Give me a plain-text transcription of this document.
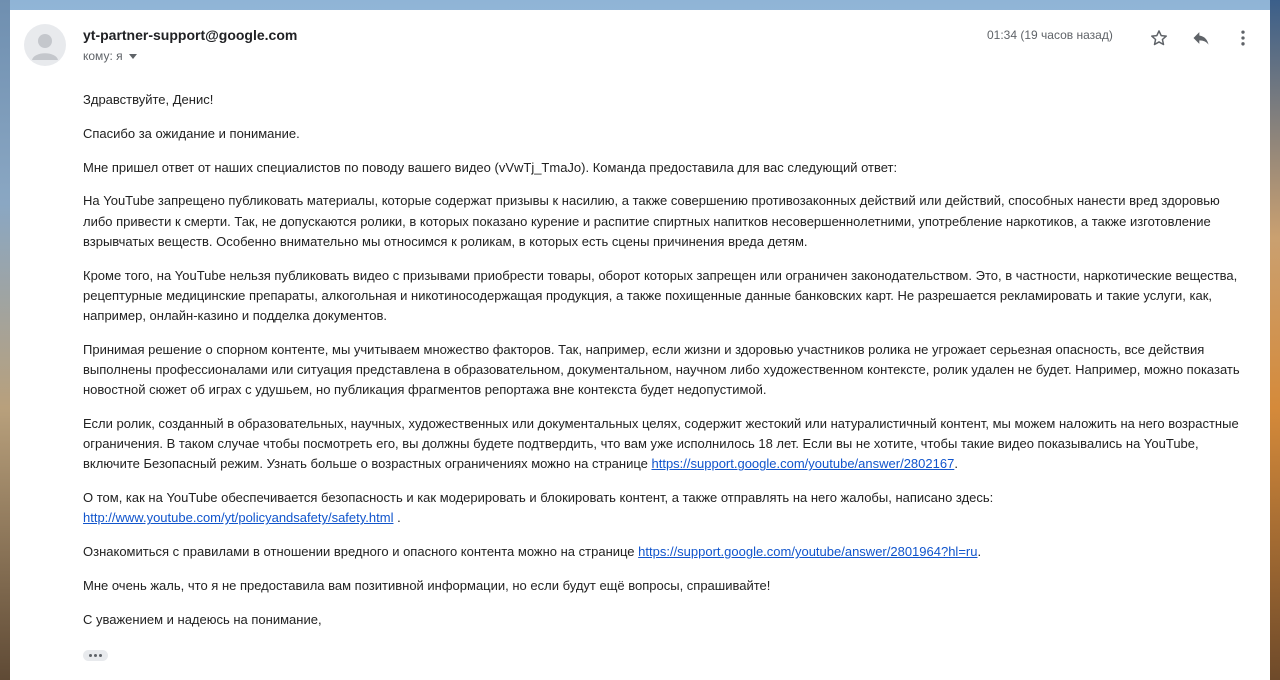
yt-partner-support@google.com
кому: я
01:34 (19 часов назад)

Здравствуйте, Денис!

Спасибо за ожидание и понимание.

Мне пришел ответ от наших специалистов по поводу вашего видео (vVwTj_TmaJo). Команда предоставила для вас следующий ответ:

На YouTube запрещено публиковать материалы, которые содержат призывы к насилию, а также совершению противозаконных действий или действий, способных нанести вред здоровью либо привести к смерти. Так, не допускаются ролики, в которых показано курение и распитие спиртных напитков несовершеннолетними, употребление наркотиков, а также изготовление взрывчатых веществ. Особенно внимательно мы относимся к роликам, в которых есть сцены причинения вреда детям.

Кроме того, на YouTube нельзя публиковать видео с призывами приобрести товары, оборот которых запрещен или ограничен законодательством. Это, в частности, наркотические вещества, рецептурные медицинские препараты, алкогольная и никотиносодержащая продукция, а также похищенные данные банковских карт. Не разрешается рекламировать и такие услуги, как, например, онлайн-казино и подделка документов.

Принимая решение о спорном контенте, мы учитываем множество факторов. Так, например, если жизни и здоровью участников ролика не угрожает серьезная опасность, все действия выполнены профессионалами или ситуация представлена в образовательном, документальном, научном либо художественном контексте, ролик удален не будет. Например, можно показать новостной сюжет об играх с удушьем, но публикация фрагментов репортажа вне контекста будет недопустимой.

Если ролик, созданный в образовательных, научных, художественных или документальных целях, содержит жестокий или натуралистичный контент, мы можем наложить на него возрастные ограничения. В таком случае чтобы посмотреть его, вы должны будете подтвердить, что вам уже исполнилось 18 лет. Если вы не хотите, чтобы такие видео показывались на YouTube, включите Безопасный режим. Узнать больше о возрастных ограничениях можно на странице https://support.google.com/youtube/answer/2802167.

О том, как на YouTube обеспечивается безопасность и как модерировать и блокировать контент, а также отправлять на него жалобы, написано здесь: http://www.youtube.com/yt/policyandsafety/safety.html .

Ознакомиться с правилами в отношении вредного и опасного контента можно на странице https://support.google.com/youtube/answer/2801964?hl=ru.

Мне очень жаль, что я не предоставила вам позитивной информации, но если будут ещё вопросы, спрашивайте!

С уважением и надеюсь на понимание,
